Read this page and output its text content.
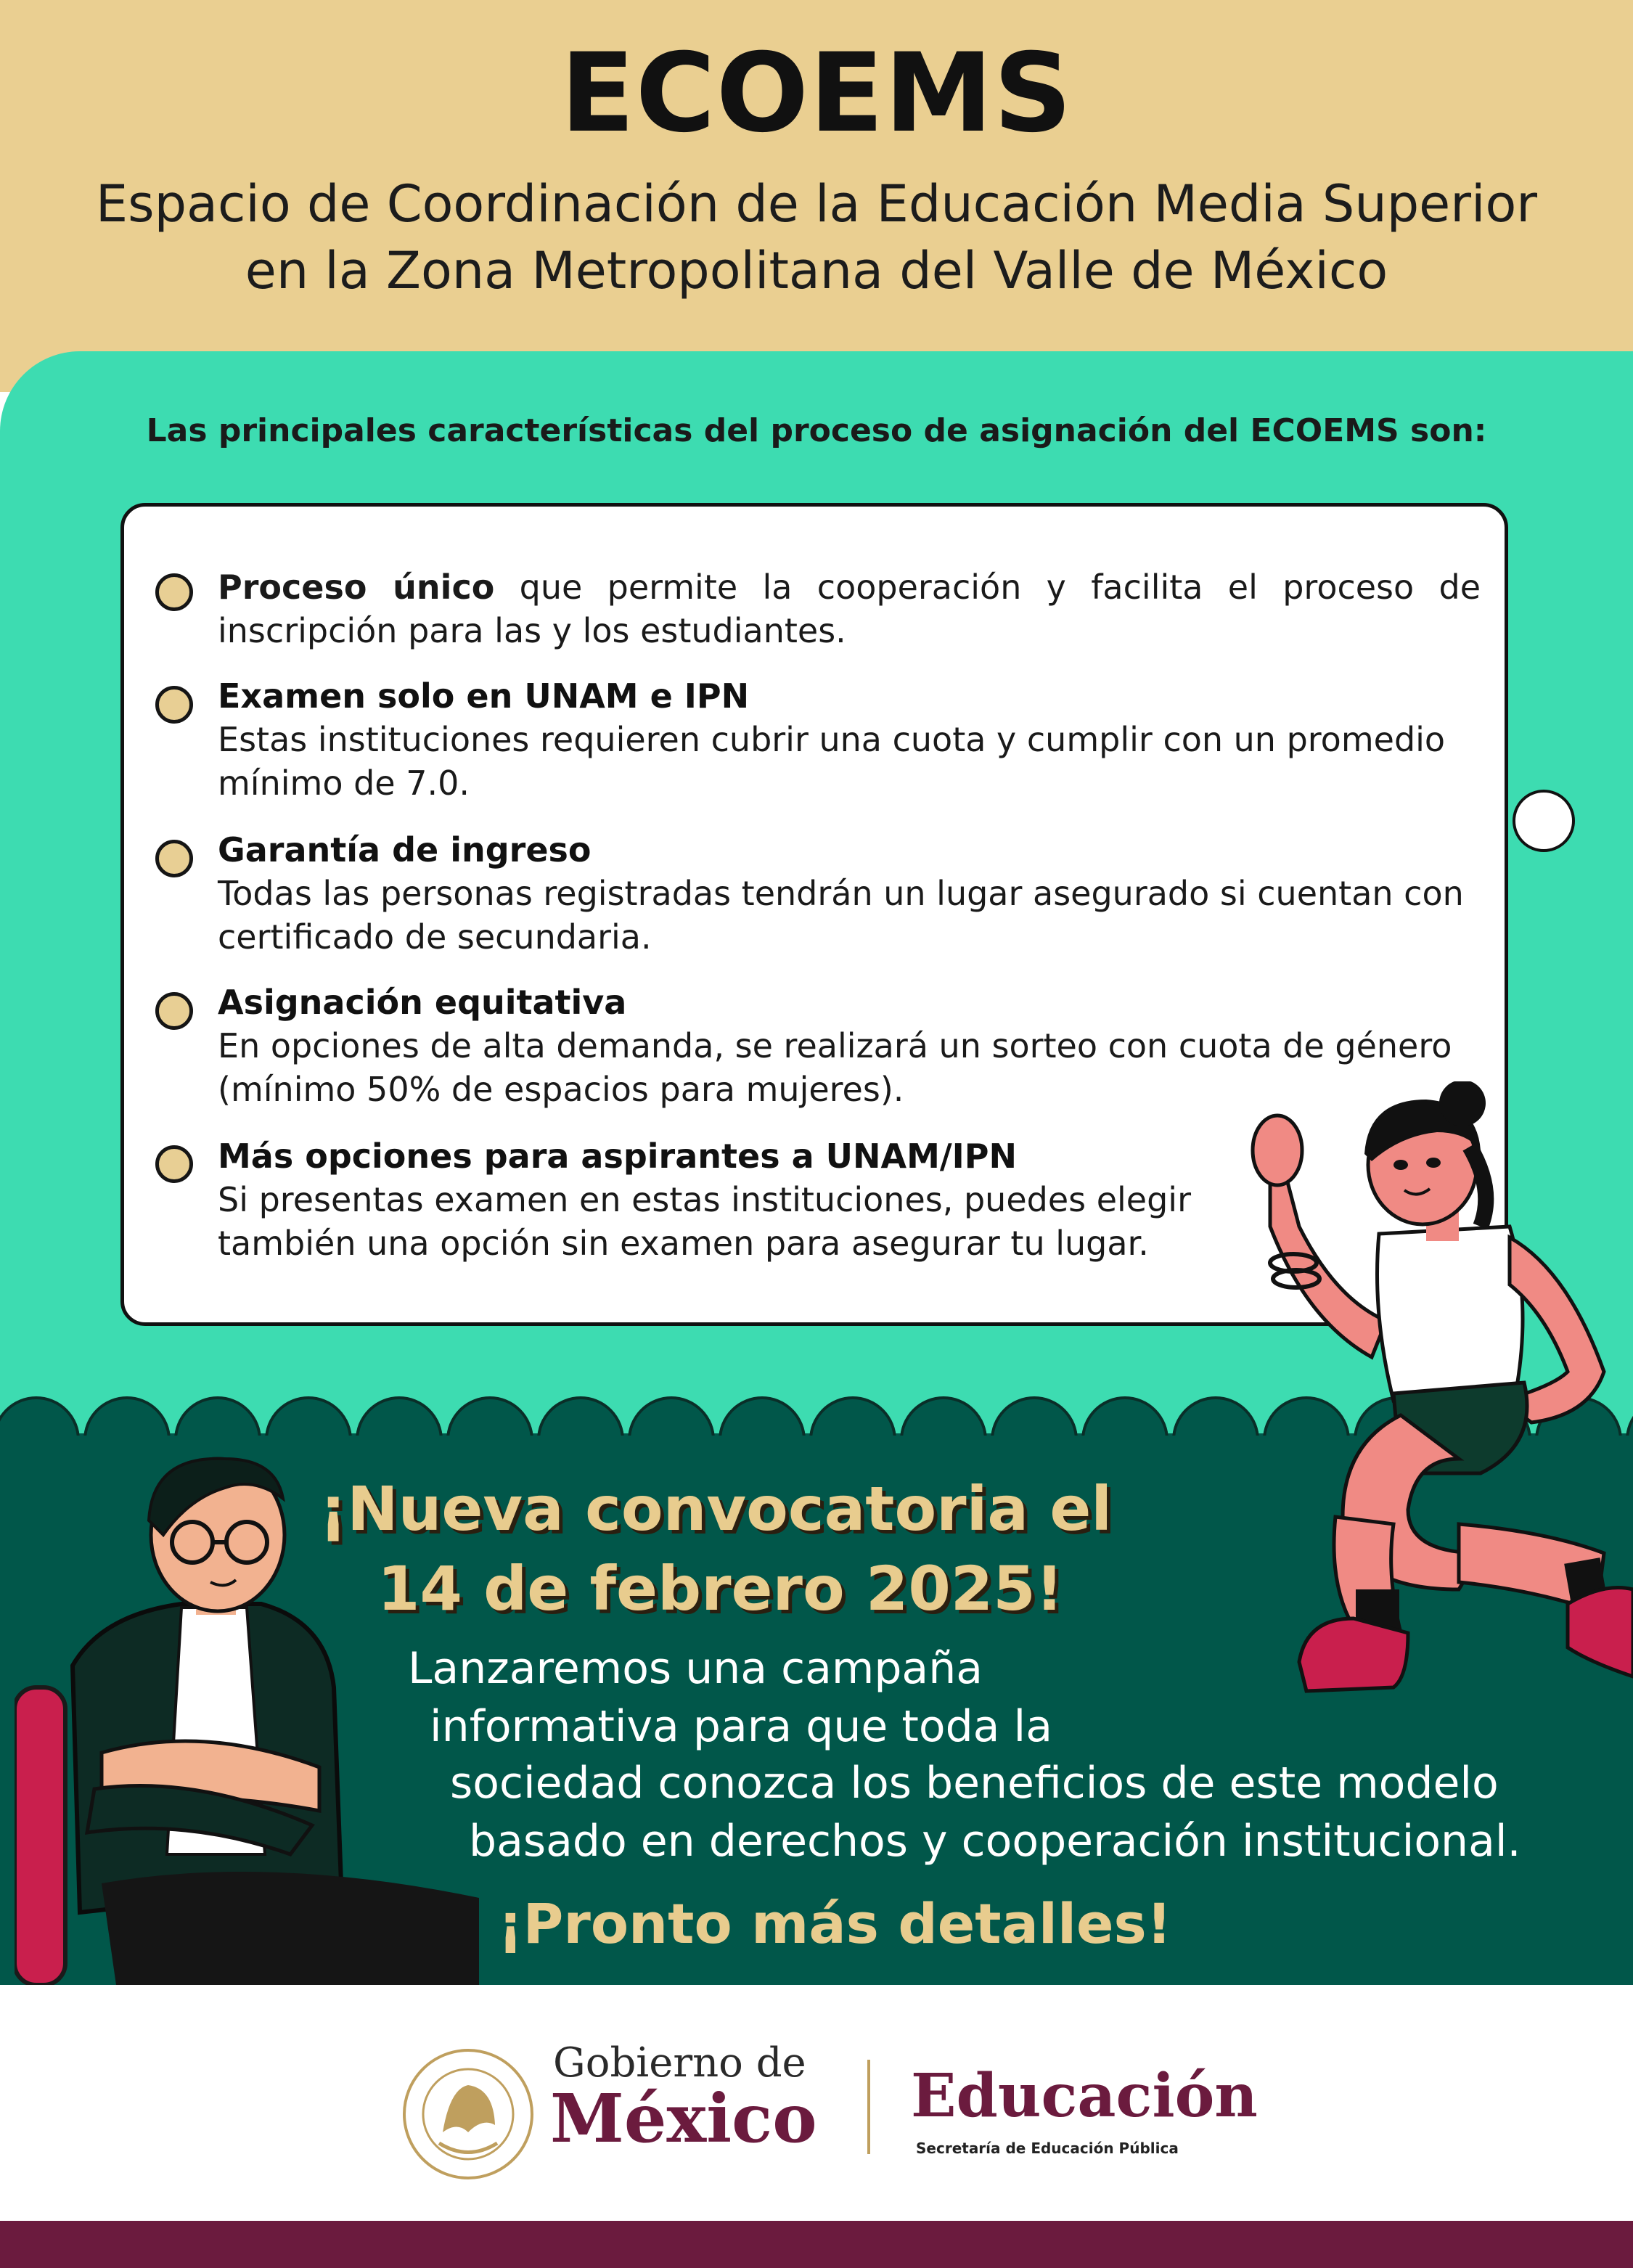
ECOEMS
Espacio de Coordinación de la Educación Media Superior
en la Zona Metropolitana del Valle de México
Las principales características del proceso de asignación del ECOEMS son:
Proceso único que permite la cooperación y facilita el proceso de
inscripción para las y los estudiantes.
Examen solo en UNAM e IPN
Estas instituciones requieren cubrir una cuota y cumplir con un promedio
mínimo de 7.0.
Garantía de ingreso
Todas las personas registradas tendrán un lugar asegurado si cuentan con
certificado de secundaria.
Asignación equitativa
En opciones de alta demanda, se realizará un sorteo con cuota de género
(mínimo 50% de espacios para mujeres).
Más opciones para aspirantes a UNAM/IPN
Si presentas examen en estas instituciones, puedes elegir
también una opción sin examen para asegurar tu lugar.
¡Nueva convocatoria el
14 de febrero 2025!
Lanzaremos una campaña
informativa para que toda la
sociedad conozca los beneficios de este modelo
basado en derechos y cooperación institucional.
¡Pronto más detalles!
Gobierno de
México Educación
Secretaría de Educación Pública
